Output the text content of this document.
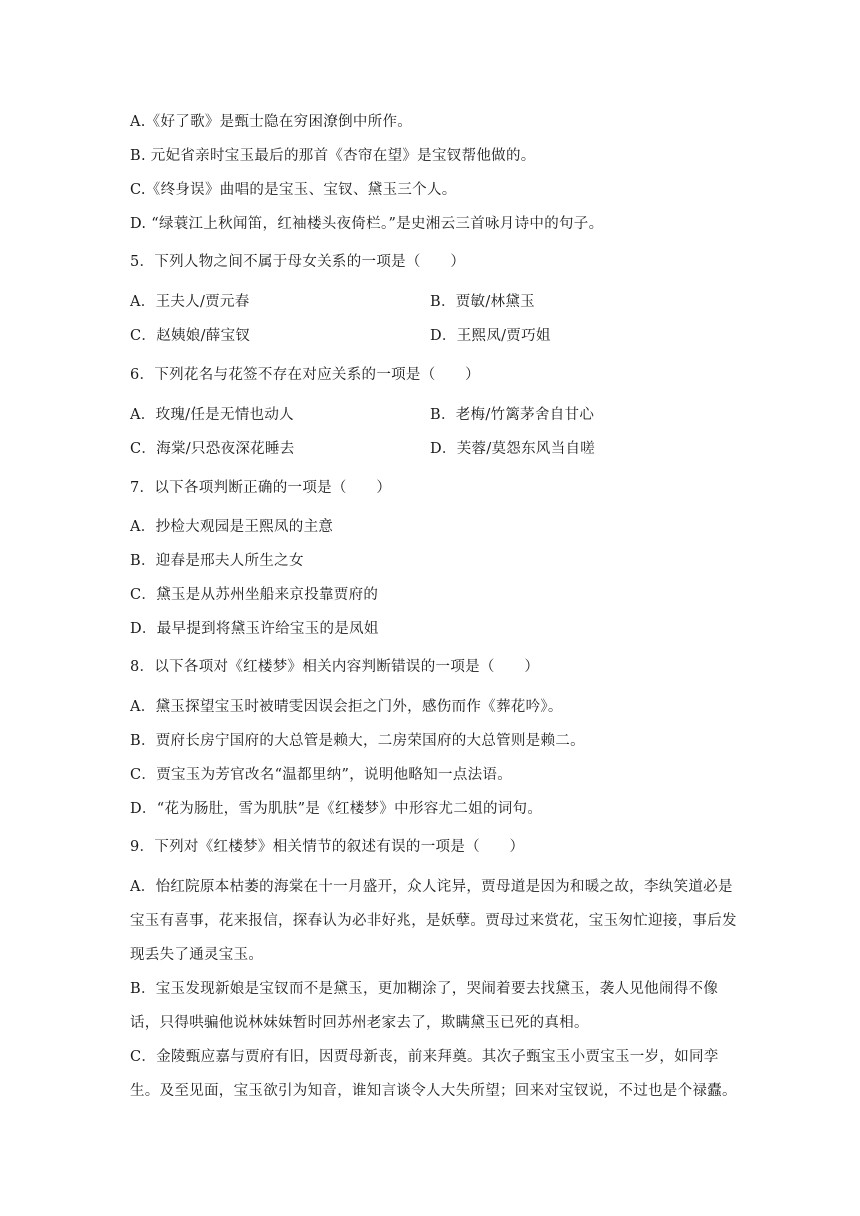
A.《好了歌》是甄士隐在穷困潦倒中所作。
B. 元妃省亲时宝玉最后的那首《杏帘在望》是宝钗帮他做的。
C.《终身误》曲唱的是宝玉、宝钗、黛玉三个人。
D. “绿蓑江上秋闻笛，红袖楼头夜倚栏。”是史湘云三首咏月诗中的句子。
5．下列人物之间不属于母女关系的一项是（　　）
A．王夫人/贾元春	B．贾敏/林黛玉
C．赵姨娘/薛宝钗	D．王熙凤/贾巧姐
6．下列花名与花签不存在对应关系的一项是（　　）
A．玫瑰/任是无情也动人	B．老梅/竹篱茅舍自甘心
C．海棠/只恐夜深花睡去	D．芙蓉/莫怨东风当自嗟
7．以下各项判断正确的一项是（　　）
A．抄检大观园是王熙凤的主意
B．迎春是邢夫人所生之女
C．黛玉是从苏州坐船来京投靠贾府的
D．最早提到将黛玉许给宝玉的是凤姐
8．以下各项对《红楼梦》相关内容判断错误的一项是（　　）
A．黛玉探望宝玉时被晴雯因误会拒之门外，感伤而作《葬花吟》。
B．贾府长房宁国府的大总管是赖大，二房荣国府的大总管则是赖二。
C．贾宝玉为芳官改名“温都里纳”，说明他略知一点法语。
D．“花为肠肚，雪为肌肤”是《红楼梦》中形容尤二姐的词句。
9．下列对《红楼梦》相关情节的叙述有误的一项是（　　）
A．怡红院原本枯萎的海棠在十一月盛开，众人诧异，贾母道是因为和暖之故，李纨笑道必是宝玉有喜事，花来报信，探春认为必非好兆，是妖孽。贾母过来赏花，宝玉匆忙迎接，事后发现丢失了通灵宝玉。
B．宝玉发现新娘是宝钗而不是黛玉，更加糊涂了，哭闹着要去找黛玉，袭人见他闹得不像话，只得哄骗他说林妹妹暂时回苏州老家去了，欺瞒黛玉已死的真相。
C．金陵甄应嘉与贾府有旧，因贾母新丧，前来拜奠。其次子甄宝玉小贾宝玉一岁，如同孪生。及至见面，宝玉欲引为知音，谁知言谈令人大失所望；回来对宝钗说，不过也是个禄蠹。
